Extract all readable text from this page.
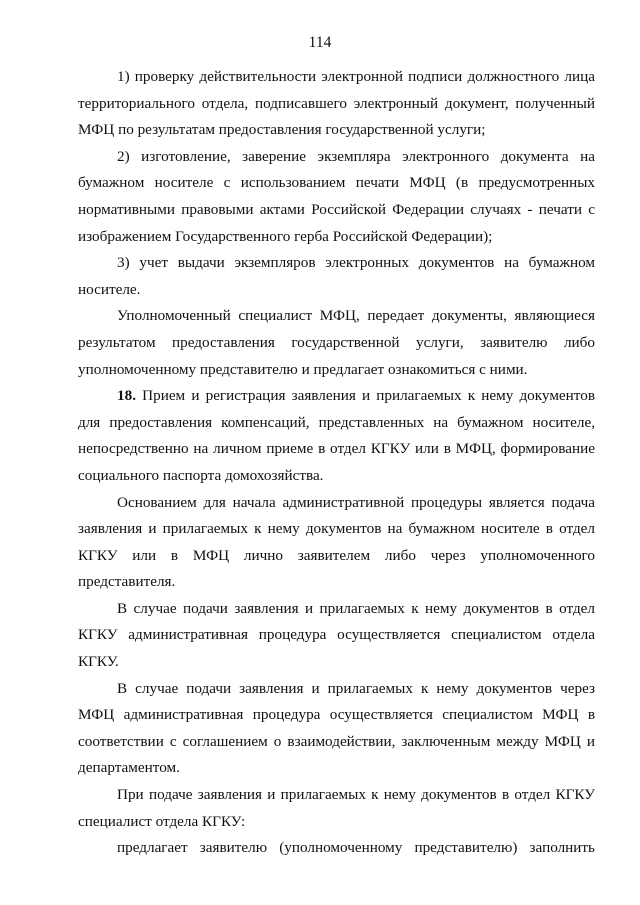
114

1) проверку действительности электронной подписи должностного лица территориального отдела, подписавшего электронный документ, полученный МФЦ по результатам предоставления государственной услуги;

2) изготовление, заверение экземпляра электронного документа на бумажном носителе с использованием печати МФЦ (в предусмотренных нормативными правовыми актами Российской Федерации случаях - печати с изображением Государственного герба Российской Федерации);

3) учет выдачи экземпляров электронных документов на бумажном носителе.

Уполномоченный специалист МФЦ, передает документы, являющиеся результатом предоставления государственной услуги, заявителю либо уполномоченному представителю и предлагает ознакомиться с ними.

18. Прием и регистрация заявления и прилагаемых к нему документов для предоставления компенсаций, представленных на бумажном носителе, непосредственно на личном приеме в отдел КГКУ или в МФЦ, формирование социального паспорта домохозяйства.

Основанием для начала административной процедуры является подача заявления и прилагаемых к нему документов на бумажном носителе в отдел КГКУ или в МФЦ лично заявителем либо через уполномоченного представителя.

В случае подачи заявления и прилагаемых к нему документов в отдел КГКУ административная процедура осуществляется специалистом отдела КГКУ.

В случае подачи заявления и прилагаемых к нему документов через МФЦ административная процедура осуществляется специалистом МФЦ в соответствии с соглашением о взаимодействии, заключенным между МФЦ и департаментом.

При подаче заявления и прилагаемых к нему документов в отдел КГКУ специалист отдела КГКУ:

предлагает заявителю (уполномоченному представителю) заполнить
